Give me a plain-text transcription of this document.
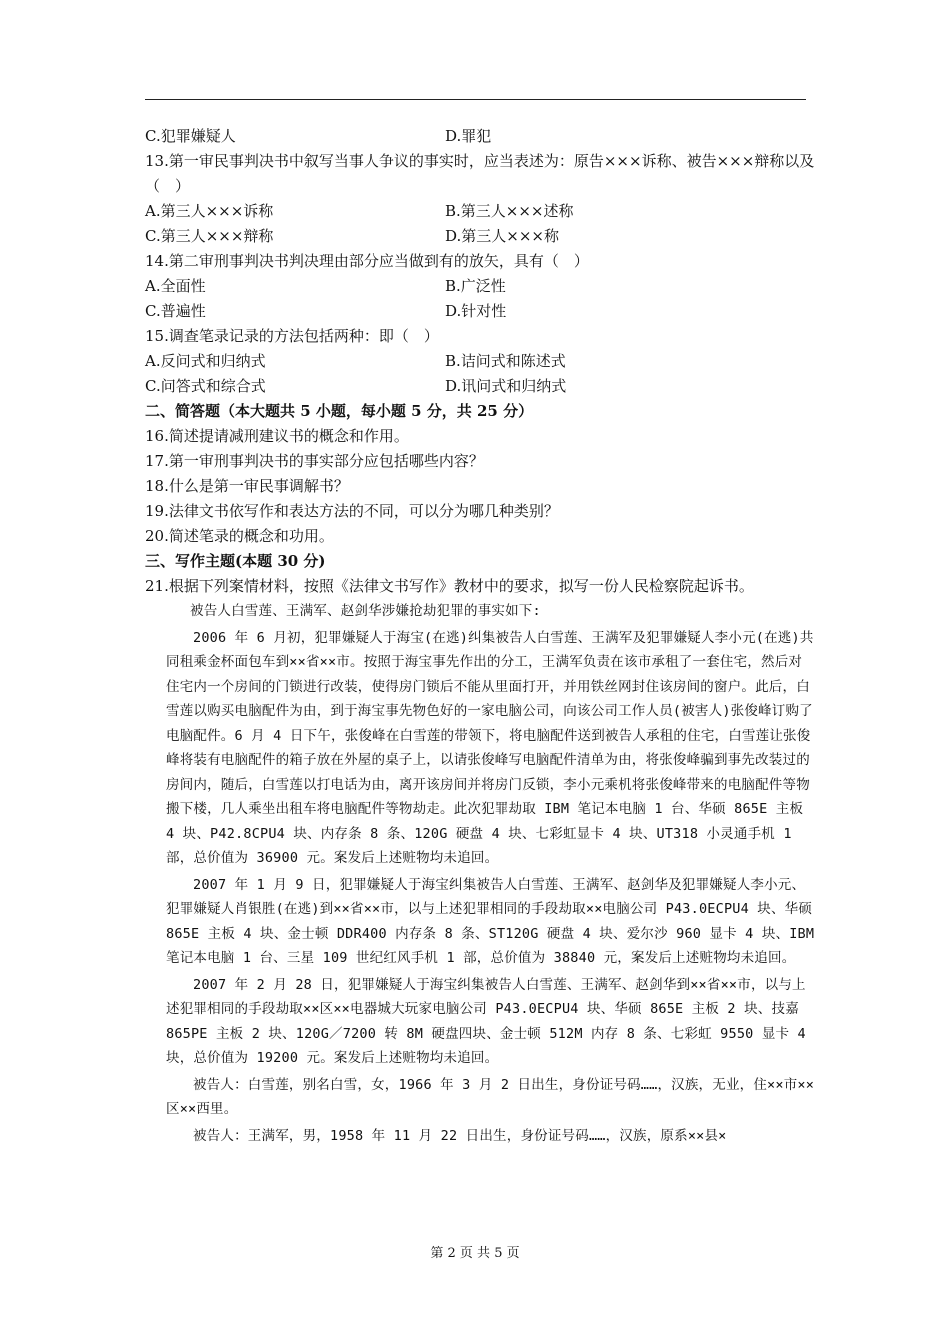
C.犯罪嫌疑人	D.罪犯
13.第一审民事判决书中叙写当事人争议的事实时，应当表述为：原告×××诉称、被告×××辩称以及（　）
A.第三人×××诉称	B.第三人×××述称
C.第三人×××辩称	D.第三人×××称
14.第二审刑事判决书判决理由部分应当做到有的放矢，具有（　）
A.全面性	B.广泛性
C.普遍性	D.针对性
15.调查笔录记录的方法包括两种：即（　）
A.反问式和归纳式	B.诘问式和陈述式
C.问答式和综合式	D.讯问式和归纳式
二、简答题（本大题共 5 小题，每小题 5 分，共 25 分）
16.简述提请减刑建议书的概念和作用。
17.第一审刑事判决书的事实部分应包括哪些内容？
18.什么是第一审民事调解书？
19.法律文书依写作和表达方法的不同，可以分为哪几种类别？
20.简述笔录的概念和功用。
三、写作主题(本题 30 分)
21.根据下列案情材料，按照《法律文书写作》教材中的要求，拟写一份人民检察院起诉书。

被告人白雪莲、王满军、赵剑华涉嫌抢劫犯罪的事实如下:

2006 年 6 月初，犯罪嫌疑人于海宝(在逃)纠集被告人白雪莲、王满军及犯罪嫌疑人李小元(在逃)共同租乘金杯面包车到××省××市。按照于海宝事先作出的分工，王满军负责在该市承租了一套住宅，然后对住宅内一个房间的门锁进行改装，使得房门锁后不能从里面打开，并用铁丝网封住该房间的窗户。此后，白雪莲以购买电脑配件为由，到于海宝事先物色好的一家电脑公司，向该公司工作人员(被害人)张俊峰订购了电脑配件。6 月 4 日下午，张俊峰在白雪莲的带领下，将电脑配件送到被告人承租的住宅，白雪莲让张俊峰将装有电脑配件的箱子放在外屋的桌子上，以请张俊峰写电脑配件清单为由，将张俊峰骗到事先改装过的房间内，随后，白雪莲以打电话为由，离开该房间并将房门反锁，李小元乘机将张俊峰带来的电脑配件等物搬下楼，几人乘坐出租车将电脑配件等物劫走。此次犯罪劫取 IBM 笔记本电脑 1 台、华硕 865E 主板 4 块、P42.8CPU4 块、内存条 8 条、120G 硬盘 4 块、七彩虹显卡 4 块、UT318 小灵通手机 1 部，总价值为 36900 元。案发后上述赃物均未追回。

2007 年 1 月 9 日，犯罪嫌疑人于海宝纠集被告人白雪莲、王满军、赵剑华及犯罪嫌疑人李小元、犯罪嫌疑人肖银胜(在逃)到××省××市，以与上述犯罪相同的手段劫取××电脑公司 P43.0ECPU4 块、华硕 865E 主板 4 块、金士顿 DDR400 内存条 8 条、ST120G 硬盘 4 块、爱尔沙 960 显卡 4 块、IBM 笔记本电脑 1 台、三星 109 世纪红风手机 1 部，总价值为 38840 元，案发后上述赃物均未追回。

2007 年 2 月 28 日，犯罪嫌疑人于海宝纠集被告人白雪莲、王满军、赵剑华到××省××市，以与上述犯罪相同的手段劫取××区××电器城大玩家电脑公司 P43.0ECPU4 块、华硕 865E 主板 2 块、技嘉 865PE 主板 2 块、120G／7200 转 8M 硬盘四块、金士顿 512M 内存 8 条、七彩虹 9550 显卡 4 块，总价值为 19200 元。案发后上述赃物均未追回。

被告人：白雪莲，别名白雪，女，1966 年 3 月 2 日出生，身份证号码……，汉族，无业，住××市××区××西里。

被告人：王满军，男，1958 年 11 月 22 日出生，身份证号码……，汉族，原系××县×

第 2 页 共 5 页
